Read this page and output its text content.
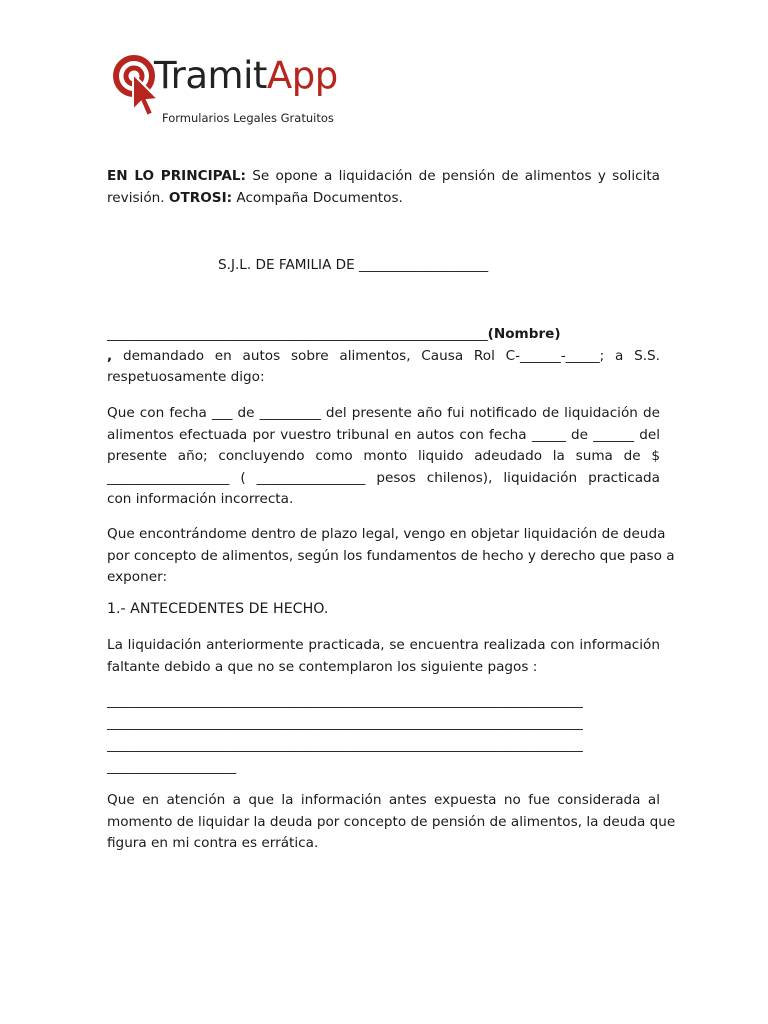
TramitApp
Formularios Legales Gratuitos
EN LO PRINCIPAL: Se opone a liquidación de pensión de alimentos y solicita
revisión. OTROSI: Acompaña Documentos.
S.J.L. DE FAMILIA DE ___________________
________________________________________________________(Nombre)
, demandado en autos sobre alimentos, Causa Rol C-______-_____; a S.S.
respetuosamente digo:
Que con fecha ___ de _________ del presente año fui notificado de liquidación de
alimentos efectuada por vuestro tribunal en autos con fecha _____ de ______ del
presente año; concluyendo como monto liquido adeudado la suma de $
__________________ ( ________________ pesos chilenos), liquidación practicada
con información incorrecta.
Que encontrándome dentro de plazo legal, vengo en objetar liquidación de deuda
por concepto de alimentos, según los fundamentos de hecho y derecho que paso a
exponer:
1.- ANTECEDENTES DE HECHO.
La liquidación anteriormente practicada, se encuentra realizada con información
faltante debido a que no se contemplaron los siguiente pagos :
______________________________________________________________________
______________________________________________________________________
______________________________________________________________________
___________________
Que en atención a que la información antes expuesta no fue considerada al
momento de liquidar la deuda por concepto de pensión de alimentos, la deuda que
figura en mi contra es errática.
